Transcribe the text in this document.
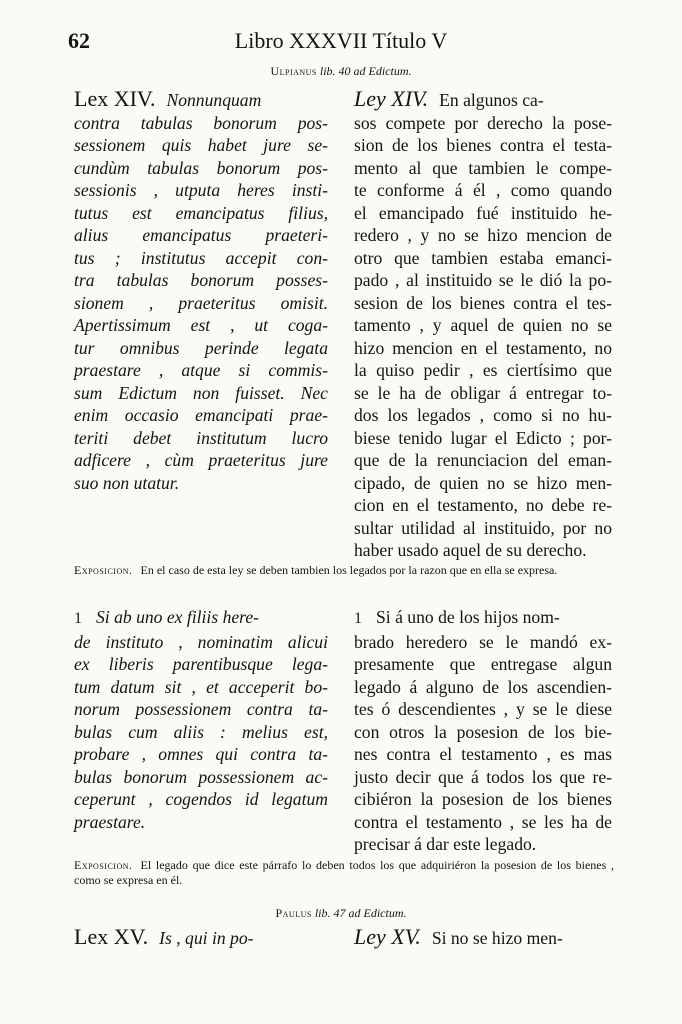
62	Libro XXXVII Título V
Ulpianus lib. 40 ad Edictum.
Lex XIV.  Nonnunquam
contra tabulas bonorum pos-
sessionem quis habet jure se-
cundùm tabulas bonorum pos-
sessionis , utputa heres insti-
tutus est emancipatus filius,
alius emancipatus praeteri-
tus ; institutus accepit con-
tra tabulas bonorum posses-
sionem , praeteritus omisit.
Apertissimum est , ut coga-
tur omnibus perinde legata
praestare , atque si commis-
sum Edictum non fuisset. Nec
enim occasio emancipati prae-
teriti debet institutum lucro
adficere , cùm praeteritus jure
suo non utatur.
Ley XIV.  En algunos ca-
sos compete por derecho la pose-
sion de los bienes contra el testa-
mento al que tambien le compe-
te conforme á él , como quando
el emancipado fué instituido he-
redero , y no se hizo mencion de
otro que tambien estaba emanci-
pado , al instituido se le dió la po-
sesion de los bienes contra el tes-
tamento , y aquel de quien no se
hizo mencion en el testamento, no
la quiso pedir , es ciertísimo que
se le ha de obligar á entregar to-
dos los legados , como si no hu-
biese tenido lugar el Edicto ; por-
que de la renunciacion del eman-
cipado, de quien no se hizo men-
cion en el testamento, no debe re-
sultar utilidad al instituido, por no
haber usado aquel de su derecho.
Exposicion. En el caso de esta ley se deben tambien los legados por la razon que en ella se expresa.
1 Si ab uno ex filiis here-
de instituto , nominatim alicui
ex liberis parentibusque lega-
tum datum sit , et acceperit bo-
norum possessionem contra ta-
bulas cum aliis : melius est,
probare , omnes qui contra ta-
bulas bonorum possessionem ac-
ceperunt , cogendos id legatum
praestare.
1 Si á uno de los hijos nom-
brado heredero se le mandó ex-
presamente que entregase algun
legado á alguno de los ascendien-
tes ó descendientes , y se le diese
con otros la posesion de los bie-
nes contra el testamento , es mas
justo decir que á todos los que re-
cibiéron la posesion de los bienes
contra el testamento , se les ha de
precisar á dar este legado.
Exposicion. El legado que dice este párrafo lo deben todos los que adquiriéron la posesion de los bienes , como se expresa en él.
Paulus lib. 47 ad Edictum.
Lex XV.  Is , qui in po-	Ley XV.  Si no se hizo men-
